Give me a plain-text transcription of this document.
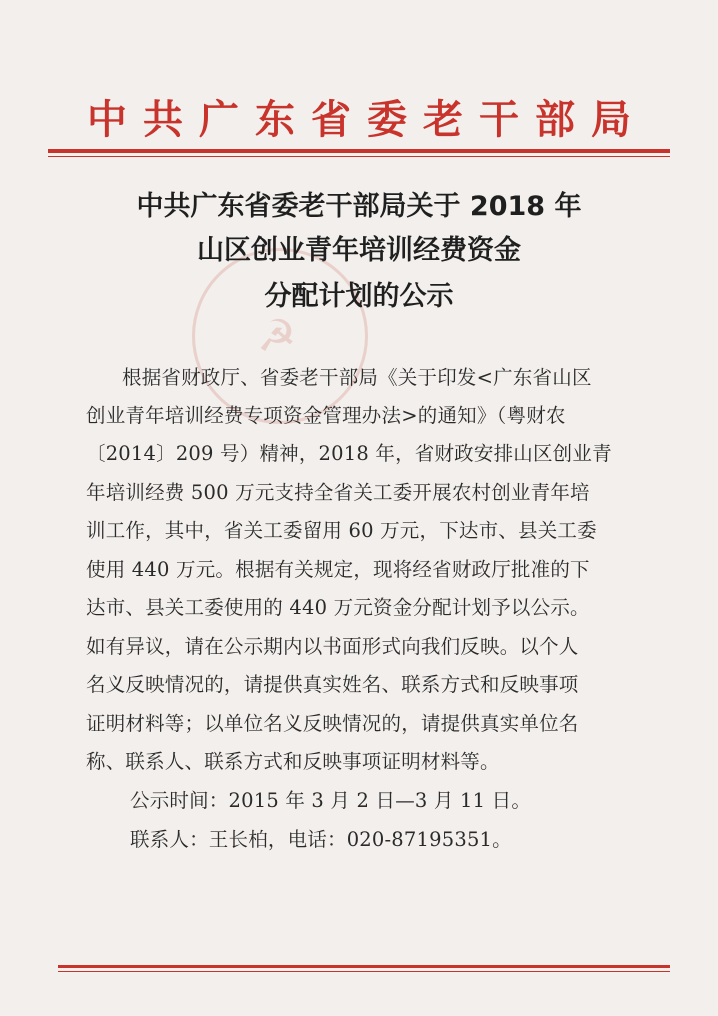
中共广东省委老干部局
☭
中共广东省委老干部局关于 2018 年
山区创业青年培训经费资金
分配计划的公示
根据省财政厅、省委老干部局《关于印发<广东省山区
创业青年培训经费专项资金管理办法>的通知》（粤财农
〔2014〕209 号）精神，2018 年，省财政安排山区创业青
年培训经费 500 万元支持全省关工委开展农村创业青年培
训工作，其中，省关工委留用 60 万元，下达市、县关工委
使用 440 万元。根据有关规定，现将经省财政厅批准的下
达市、县关工委使用的 440 万元资金分配计划予以公示。
如有异议，请在公示期内以书面形式向我们反映。以个人
名义反映情况的，请提供真实姓名、联系方式和反映事项
证明材料等；以单位名义反映情况的，请提供真实单位名
称、联系人、联系方式和反映事项证明材料等。
公示时间：2015 年 3 月 2 日—3 月 11 日。
联系人：王长柏，电话：020-87195351。
